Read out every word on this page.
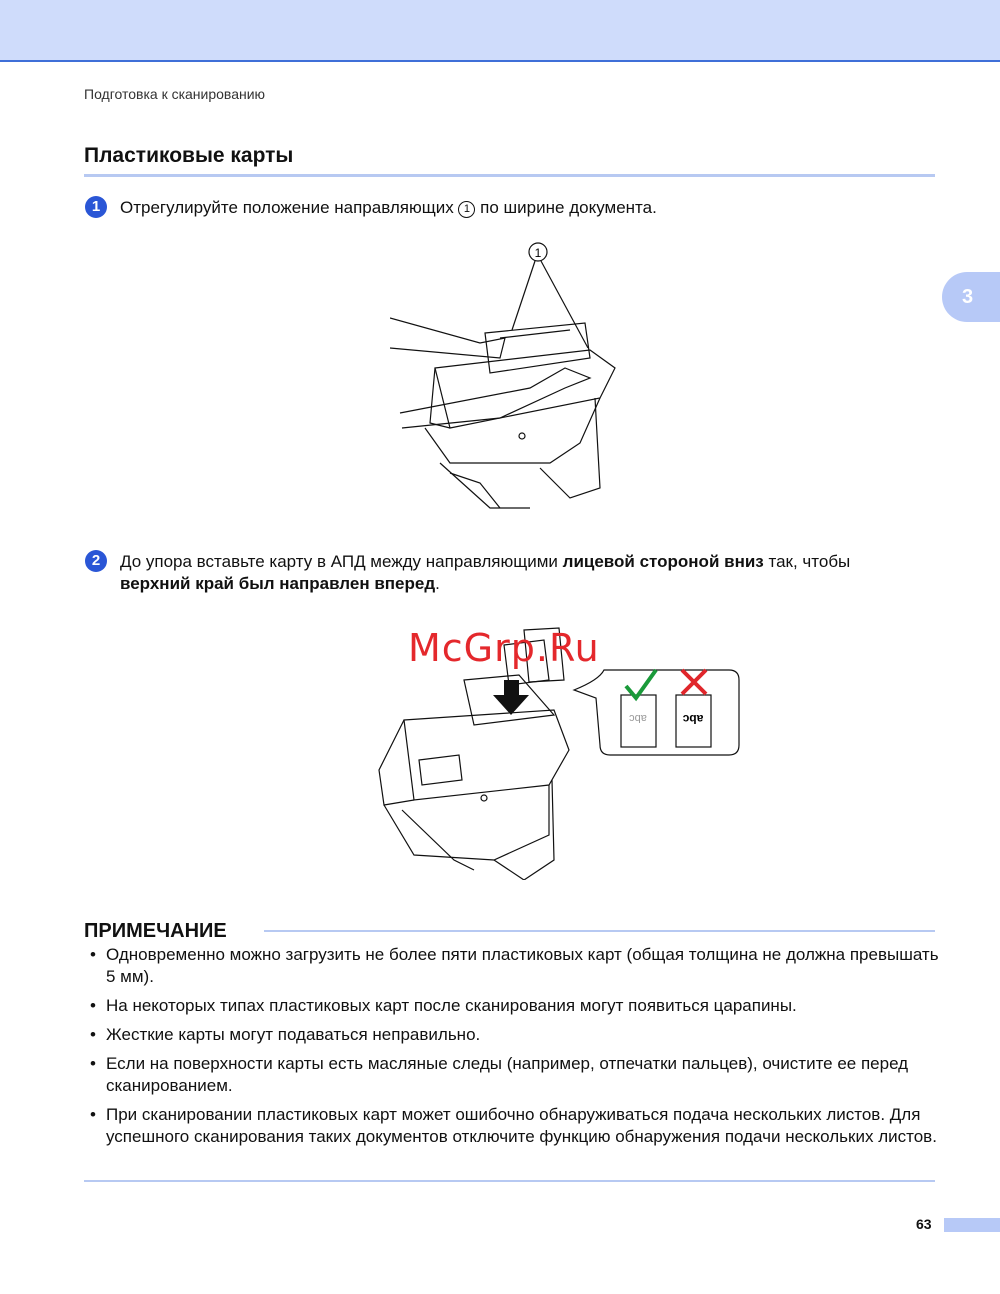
Подготовка к сканированию
Пластиковые карты
3
1	Отрегулируйте положение направляющих 1 по ширине документа.
1
2	До упора вставьте карту в АПД между направляющими лицевой стороной вниз так, чтобы верхний край был направлен вперед.
abc	abc
McGrp.Ru
ПРИМЕЧАНИЕ
• Одновременно можно загрузить не более пяти пластиковых карт (общая толщина не должна превышать 5 мм).
• На некоторых типах пластиковых карт после сканирования могут появиться царапины.
• Жесткие карты могут подаваться неправильно.
• Если на поверхности карты есть масляные следы (например, отпечатки пальцев), очистите ее перед сканированием.
• При сканировании пластиковых карт может ошибочно обнаруживаться подача нескольких листов. Для успешного сканирования таких документов отключите функцию обнаружения подачи нескольких листов.
63
